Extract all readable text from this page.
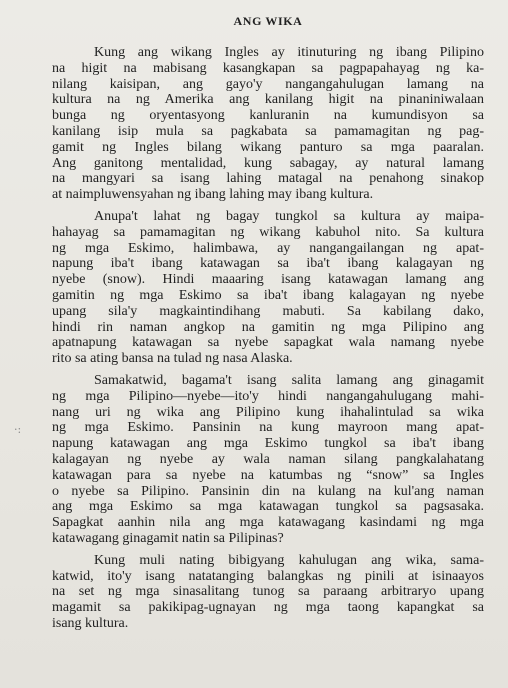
ANG WIKA
Kung ang wikang Ingles ay itinuturing ng ibang Pilipino
na higit na mabisang kasangkapan sa pagpapahayag ng ka-
nilang kaisipan, ang gayo'y nangangahulugan lamang na
kultura na ng Amerika ang kanilang higit na pinaniniwalaan
bunga ng oryentasyong kanluranin na kumundisyon sa
kanilang isip mula sa pagkabata sa pamamagitan ng pag-
gamit ng Ingles bilang wikang panturo sa mga paaralan.
Ang ganitong mentalidad, kung sabagay, ay natural lamang
na mangyari sa isang lahing matagal na penahong sinakop
at naimpluwensyahan ng ibang lahing may ibang kultura.
Anupa't lahat ng bagay tungkol sa kultura ay maipa-
hahayag sa pamamagitan ng wikang kabuhol nito. Sa kultura
ng mga Eskimo, halimbawa, ay nangangailangan ng apat-
napung iba't ibang katawagan sa iba't ibang kalagayan ng
nyebe (snow). Hindi maaaring isang katawagan lamang ang
gamitin ng mga Eskimo sa iba't ibang kalagayan ng nyebe
upang sila'y magkaintindihang mabuti. Sa kabilang dako,
hindi rin naman angkop na gamitin ng mga Pilipino ang
apatnapung katawagan sa nyebe sapagkat wala namang nyebe
rito sa ating bansa na tulad ng nasa Alaska.
Samakatwid, bagama't isang salita lamang ang ginagamit
ng mga Pilipino—nyebe—ito'y hindi nangangahulugang mahi-
nang uri ng wika ang Pilipino kung ihahalintulad sa wika
ng mga Eskimo. Pansinin na kung mayroon mang apat-
napung katawagan ang mga Eskimo tungkol sa iba't ibang
kalagayan ng nyebe ay wala naman silang pangkalahatang
katawagan para sa nyebe na katumbas ng “snow” sa Ingles
o nyebe sa Pilipino. Pansinin din na kulang na kul'ang naman
ang mga Eskimo sa mga katawagan tungkol sa pagsasaka.
Sapagkat aanhin nila ang mga katawagang kasindami ng mga
katawagang ginagamit natin sa Pilipinas?
Kung muli nating bibigyang kahulugan ang wika, sama-
katwid, ito'y isang natatanging balangkas ng pinili at isinaayos
na set ng mga sinasalitang tunog sa paraang arbitraryo upang
magamit sa pakikipag-ugnayan ng mga taong kapangkat sa
isang kultura.
·:
